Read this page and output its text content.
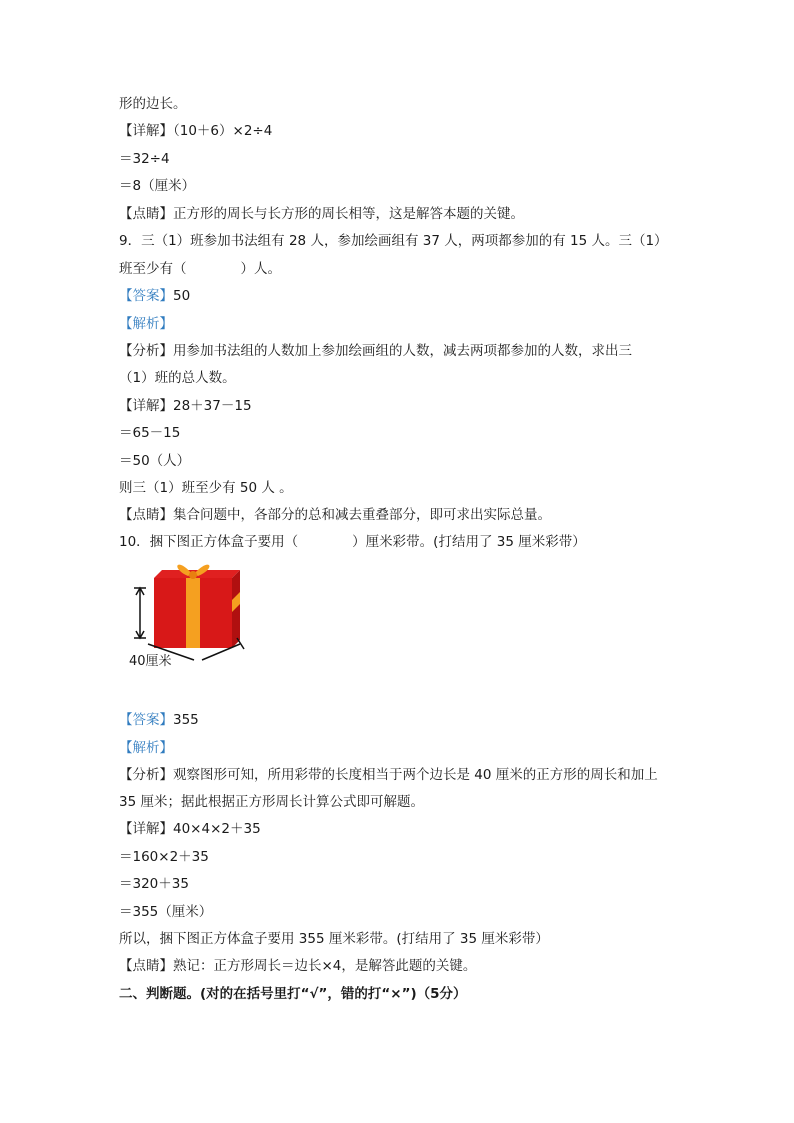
形的边长。
【详解】（10＋6）×2÷4
＝32÷4
＝8（厘米）
【点睛】正方形的周长与长方形的周长相等，这是解答本题的关键。
9．三（1）班参加书法组有 28 人，参加绘画组有 37 人，两项都参加的有 15 人。三（1）
班至少有（　　　　）人。
【答案】50
【解析】
【分析】用参加书法组的人数加上参加绘画组的人数，减去两项都参加的人数，求出三
（1）班的总人数。
【详解】28＋37－15
＝65－15
＝50（人）
则三（1）班至少有 50 人 。
【点睛】集合问题中，各部分的总和减去重叠部分，即可求出实际总量。
10．捆下图正方体盒子要用（　　　　）厘米彩带。(打结用了 35 厘米彩带）
40厘米
【答案】355
【解析】
【分析】观察图形可知，所用彩带的长度相当于两个边长是 40 厘米的正方形的周长和加上
35 厘米；据此根据正方形周长计算公式即可解题。
【详解】40×4×2＋35
＝160×2＋35
＝320＋35
＝355（厘米）
所以，捆下图正方体盒子要用 355 厘米彩带。(打结用了 35 厘米彩带）
【点睛】熟记：正方形周长＝边长×4，是解答此题的关键。
二、判断题。(对的在括号里打“√”，错的打“×”)（5分）
